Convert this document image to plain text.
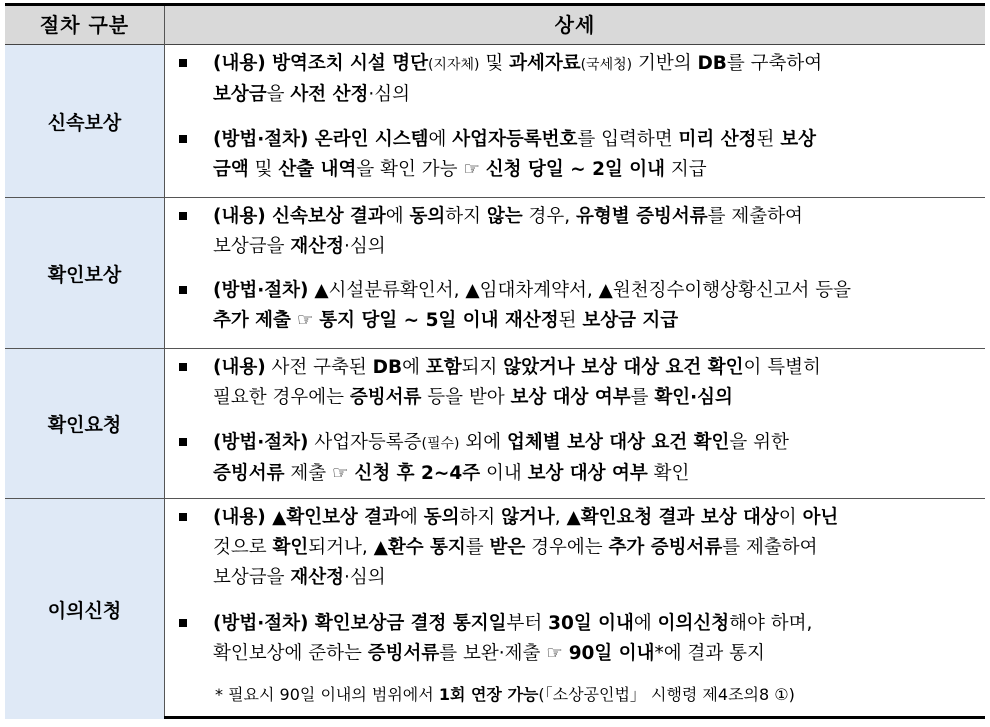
절차 구분	상세
신속보상
(내용) 방역조치 시설 명단(지자체) 및 과세자료(국세청) 기반의 DB를 구축하여
보상금을 사전 산정·심의
(방법·절차) 온라인 시스템에 사업자등록번호를 입력하면 미리 산정된 보상
금액 및 산출 내역을 확인 가능 ☞ 신청 당일 ~ 2일 이내 지급
확인보상
(내용) 신속보상 결과에 동의하지 않는 경우, 유형별 증빙서류를 제출하여
보상금을 재산정·심의
(방법·절차) ▲시설분류확인서, ▲임대차계약서, ▲원천징수이행상황신고서 등을
추가 제출 ☞ 통지 당일 ~ 5일 이내 재산정된 보상금 지급
확인요청
(내용) 사전 구축된 DB에 포함되지 않았거나 보상 대상 요건 확인이 특별히
필요한 경우에는 증빙서류 등을 받아 보상 대상 여부를 확인·심의
(방법·절차) 사업자등록증(필수) 외에 업체별 보상 대상 요건 확인을 위한
증빙서류 제출 ☞ 신청 후 2~4주 이내 보상 대상 여부 확인
이의신청
(내용) ▲확인보상 결과에 동의하지 않거나, ▲확인요청 결과 보상 대상이 아닌
것으로 확인되거나, ▲환수 통지를 받은 경우에는 추가 증빙서류를 제출하여
보상금을 재산정·심의
(방법·절차) 확인보상금 결정 통지일부터 30일 이내에 이의신청해야 하며,
확인보상에 준하는 증빙서류를 보완·제출 ☞ 90일 이내*에 결과 통지
* 필요시 90일 이내의 범위에서 1회 연장 가능(「소상공인법」 시행령 제4조의8 ①)
